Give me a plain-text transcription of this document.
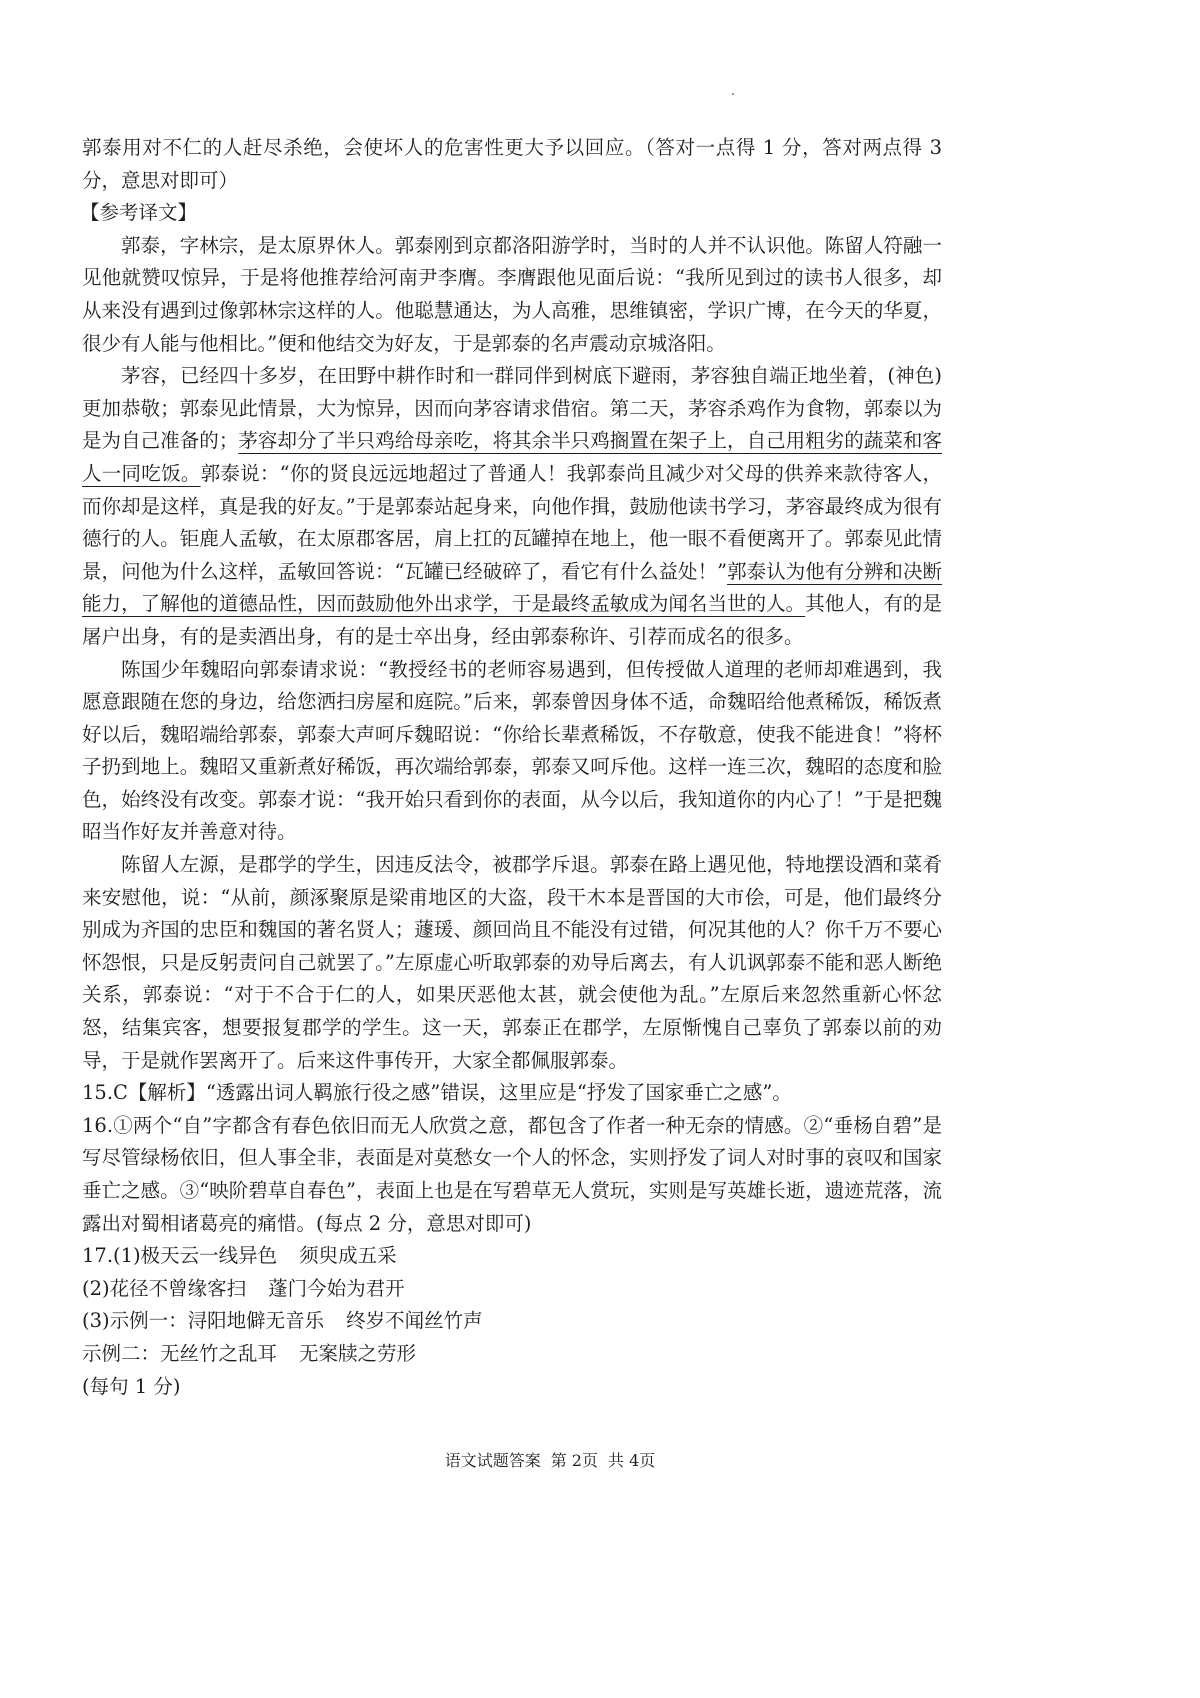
郭泰用对不仁的人赶尽杀绝，会使坏人的危害性更大予以回应。（答对一点得 1 分，答对两点得 3 分，意思对即可）

【参考译文】

郭泰，字林宗，是太原界休人。郭泰刚到京都洛阳游学时，当时的人并不认识他。陈留人符融一见他就赞叹惊异，于是将他推荐给河南尹李膺。李膺跟他见面后说：“我所见到过的读书人很多，却从来没有遇到过像郭林宗这样的人。他聪慧通达，为人高雅，思维镇密，学识广博，在今天的华夏，很少有人能与他相比。”便和他结交为好友，于是郭泰的名声震动京城洛阳。

茅容，已经四十多岁，在田野中耕作时和一群同伴到树底下避雨，茅容独自端正地坐着，(神色)更加恭敬；郭泰见此情景，大为惊异，因而向茅容请求借宿。第二天，茅容杀鸡作为食物，郭泰以为是为自己准备的；茅容却分了半只鸡给母亲吃，将其余半只鸡搁置在架子上，自己用粗劣的蔬菜和客人一同吃饭。郭泰说：“你的贤良远远地超过了普通人！我郭泰尚且减少对父母的供养来款待客人，而你却是这样，真是我的好友。”于是郭泰站起身来，向他作揖，鼓励他读书学习，茅容最终成为很有德行的人。钜鹿人孟敏，在太原郡客居，肩上扛的瓦罐掉在地上，他一眼不看便离开了。郭泰见此情景，问他为什么这样，孟敏回答说：“瓦罐已经破碎了，看它有什么益处！”郭泰认为他有分辨和决断能力，了解他的道德品性，因而鼓励他外出求学，于是最终孟敏成为闻名当世的人。其他人，有的是屠户出身，有的是卖酒出身，有的是士卒出身，经由郭泰称许、引荐而成名的很多。

陈国少年魏昭向郭泰请求说：“教授经书的老师容易遇到，但传授做人道理的老师却难遇到，我愿意跟随在您的身边，给您洒扫房屋和庭院。”后来，郭泰曾因身体不适，命魏昭给他煮稀饭，稀饭煮好以后，魏昭端给郭泰，郭泰大声呵斥魏昭说：“你给长辈煮稀饭，不存敬意，使我不能进食！”将杯子扔到地上。魏昭又重新煮好稀饭，再次端给郭泰，郭泰又呵斥他。这样一连三次，魏昭的态度和脸色，始终没有改变。郭泰才说：“我开始只看到你的表面，从今以后，我知道你的内心了！”于是把魏昭当作好友并善意对待。

陈留人左源，是郡学的学生，因违反法令，被郡学斥退。郭泰在路上遇见他，特地摆设酒和菜肴来安慰他，说：“从前，颜涿聚原是梁甫地区的大盗，段干木本是晋国的大市侩，可是，他们最终分别成为齐国的忠臣和魏国的著名贤人；蘧瑗、颜回尚且不能没有过错，何况其他的人？你千万不要心怀怨恨，只是反躬责问自己就罢了。”左原虚心听取郭泰的劝导后离去，有人讥讽郭泰不能和恶人断绝关系，郭泰说：“对于不合于仁的人，如果厌恶他太甚，就会使他为乱。”左原后来忽然重新心怀忿怒，结集宾客，想要报复郡学的学生。这一天，郭泰正在郡学，左原惭愧自己辜负了郭泰以前的劝导，于是就作罢离开了。后来这件事传开，大家全都佩服郭泰。

15.C【解析】“透露出词人羁旅行役之感”错误，这里应是“抒发了国家垂亡之感”。

16.①两个“自”字都含有春色依旧而无人欣赏之意，都包含了作者一种无奈的情感。②“垂杨自碧”是写尽管绿杨依旧，但人事全非，表面是对莫愁女一个人的怀念，实则抒发了词人对时事的哀叹和国家垂亡之感。③“映阶碧草自春色”，表面上也是在写碧草无人赏玩，实则是写英雄长逝，遗迹荒落，流露出对蜀相诸葛亮的痛惜。(每点 2 分，意思对即可)

17.(1)极天云一线异色 须臾成五采

(2)花径不曾缘客扫 蓬门今始为君开

(3)示例一：浔阳地僻无音乐 终岁不闻丝竹声

示例二：无丝竹之乱耳 无案牍之劳形

(每句 1 分)

语文试题答案 第 2页 共 4页
